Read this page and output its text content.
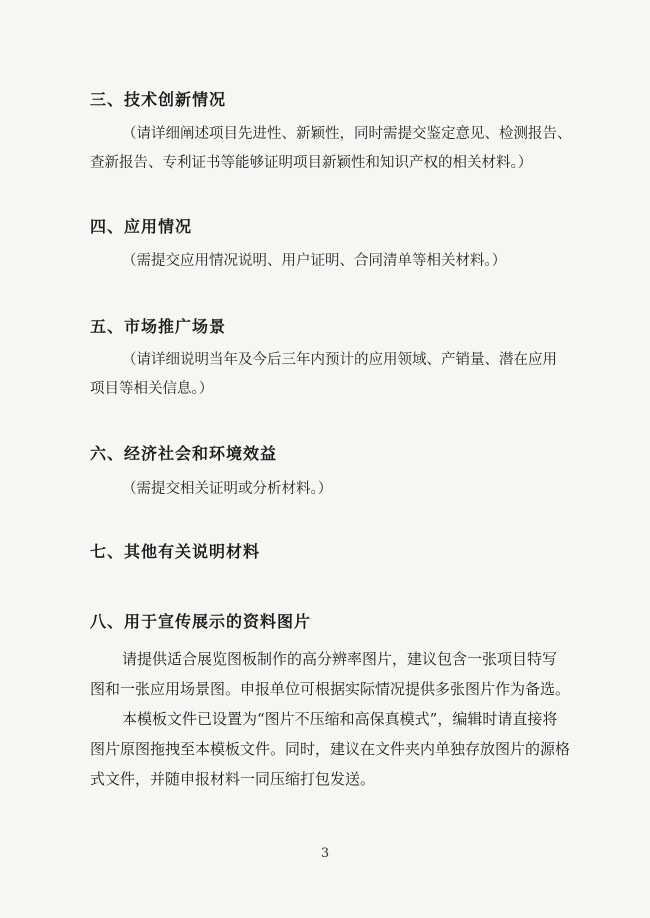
三、技术创新情况
（请详细阐述项目先进性、新颖性，同时需提交鉴定意见、检测报告、
查新报告、专利证书等能够证明项目新颖性和知识产权的相关材料。）
四、应用情况
（需提交应用情况说明、用户证明、合同清单等相关材料。）
五、市场推广场景
（请详细说明当年及今后三年内预计的应用领域、产销量、潜在应用
项目等相关信息。）
六、经济社会和环境效益
（需提交相关证明或分析材料。）
七、其他有关说明材料
八、用于宣传展示的资料图片
请提供适合展览图板制作的高分辨率图片，建议包含一张项目特写
图和一张应用场景图。申报单位可根据实际情况提供多张图片作为备选。
本模板文件已设置为“图片不压缩和高保真模式”，编辑时请直接将
图片原图拖拽至本模板文件。同时，建议在文件夹内单独存放图片的源格
式文件，并随申报材料一同压缩打包发送。
3
